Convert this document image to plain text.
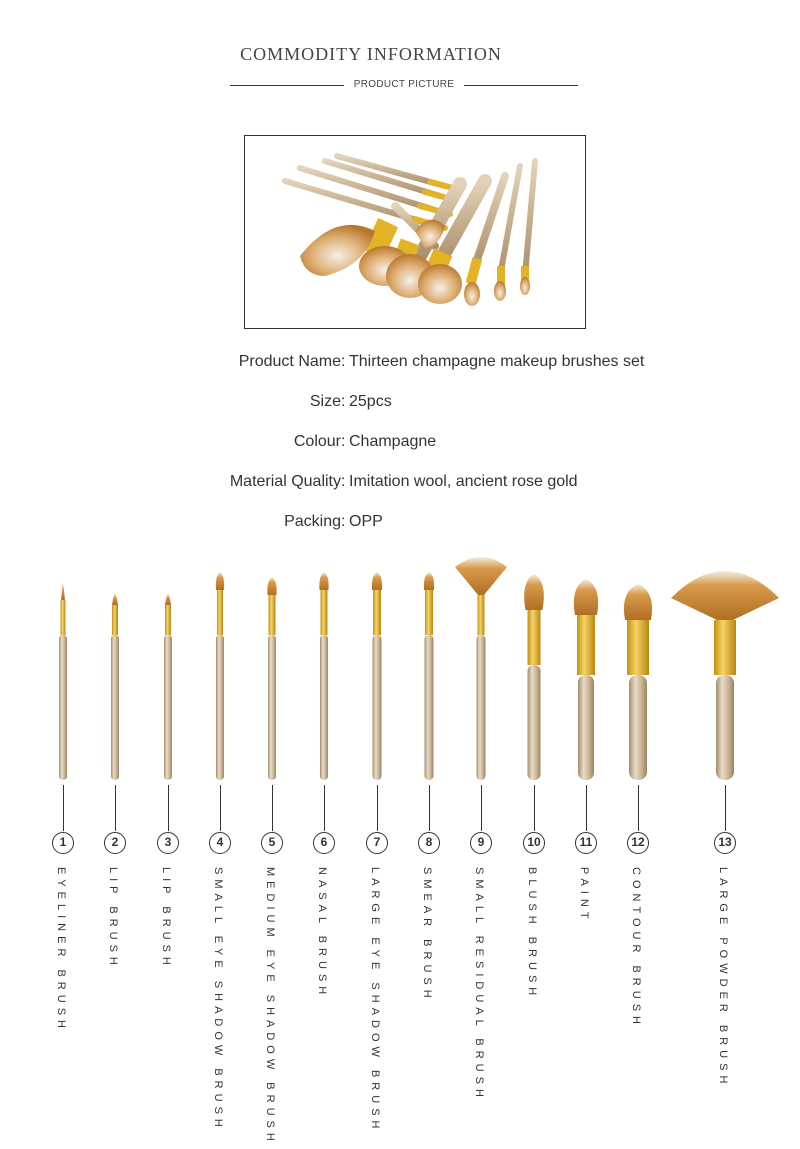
COMMODITY INFORMATION
PRODUCT PICTURE
Product Name : Thirteen champagne makeup brushes set
Size : 25pcs
Colour : Champagne
Material Quality : Imitation wool, ancient rose gold
Packing : OPP
1
EYELINER BRUSH
2
LIP BRUSH
3
LIP BRUSH
4
SMALL EYE SHADOW BRUSH
5
MEDIUM EYE SHADOW BRUSH
6
NASAL BRUSH
7
LARGE EYE SHADOW BRUSH
8
SMEAR BRUSH
9
SMALL RESIDUAL BRUSH
10
BLUSH BRUSH
11
PAINT
12
CONTOUR BRUSH
13
LARGE POWDER BRUSH
